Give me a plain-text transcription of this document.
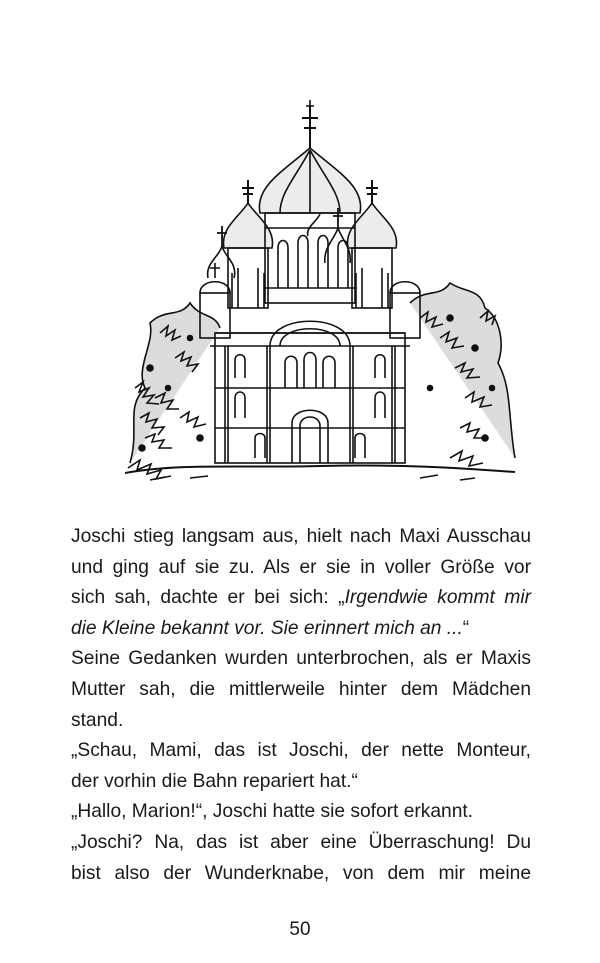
Joschi stieg langsam aus, hielt nach Maxi Ausschau
und ging auf sie zu. Als er sie in voller Größe vor
sich sah, dachte er bei sich: „Irgendwie kommt mir
die Kleine bekannt vor. Sie erinnert mich an ...“
Seine Gedanken wurden unterbrochen, als er Maxis
Mutter sah, die mittlerweile hinter dem Mädchen
stand.
„Schau, Mami, das ist Joschi, der nette Monteur,
der vorhin die Bahn repariert hat.“
„Hallo, Marion!“, Joschi hatte sie sofort erkannt.
„Joschi? Na, das ist aber eine Überraschung! Du
bist also der Wunderknabe, von dem mir meine
50
